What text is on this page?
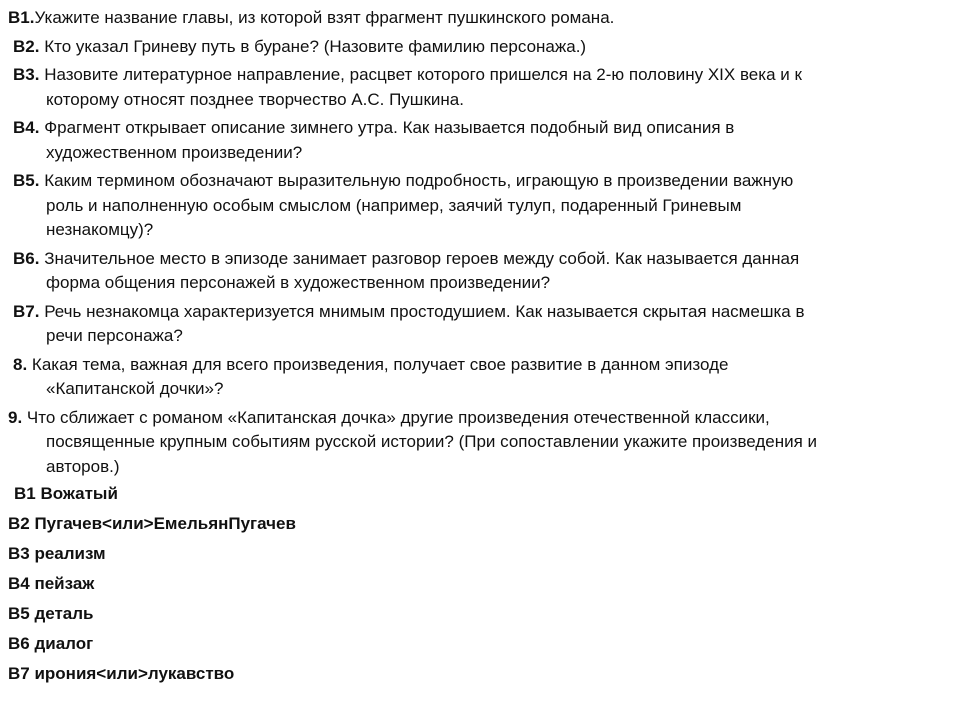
В1.Укажите название главы, из которой взят фрагмент пушкинского романа.

В2. Кто указал Гриневу путь в буране? (Назовите фамилию персонажа.)

В3. Назовите литературное направление, расцвет которого пришелся на 2-ю половину XIX века и к
которому относят позднее творчество А.С. Пушкина.

В4. Фрагмент открывает описание зимнего утра. Как называется подобный вид описания в
художественном произведении?

В5. Каким термином обозначают выразительную подробность, играющую в произведении важную
роль и наполненную особым смыслом (например, заячий тулуп, подаренный Гриневым
незнакомцу)?

В6. Значительное место в эпизоде занимает разговор героев между собой. Как называется данная
форма общения персонажей в художественном произведении?

В7. Речь незнакомца характеризуется мнимым простодушием. Как называется скрытая насмешка в
речи персонажа?

8. Какая тема, важная для всего произведения, получает свое развитие в данном эпизоде
«Капитанской дочки»?

9. Что сближает с романом «Капитанская дочка» другие произведения отечественной классики,
посвященные крупным событиям русской истории? (При сопоставлении укажите произведения и
авторов.)

В1 Вожатый

В2 Пугачев<или>ЕмельянПугачев

В3 реализм

В4 пейзаж

В5 деталь

В6 диалог

В7 ирония<или>лукавство
